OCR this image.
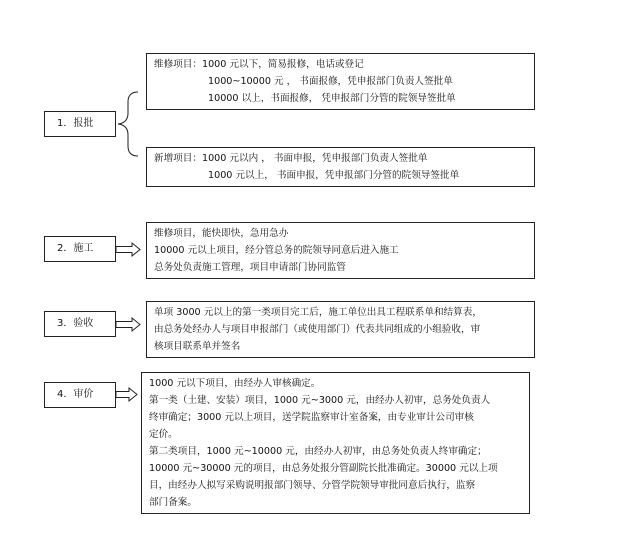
1．报批
2．施工
3．验收
4．审价
维修项目：1000 元以下，简易报修，电话或登记
1000~10000 元 ， 书面报修，凭申报部门负责人签批单
10000 以上，书面报修， 凭申报部门分管的院领导签批单
新增项目：1000 元以内 ， 书面申报，凭申报部门负责人签批单
1000 元以上， 书面申报，凭申报部门分管的院领导签批单
维修项目，能快即快，急用急办
10000 元以上项目，经分管总务的院领导同意后进入施工
总务处负责施工管理，项目申请部门协同监管
单项 3000 元以上的第一类项目完工后，施工单位出具工程联系单和结算表，
由总务处经办人与项目申报部门（或使用部门）代表共同组成的小组验收，审
核项目联系单并签名
1000 元以下项目，由经办人审核确定。
第一类（土建、安装）项目，1000 元~3000 元，由经办人初审，总务处负责人
终审确定；3000 元以上项目，送学院监察审计室备案，由专业审计公司审核
定价。
第二类项目，1000 元~10000 元，由经办人初审，由总务处负责人终审确定；
10000 元~30000 元的项目，由总务处报分管副院长批准确定。30000 元以上项
目，由经办人拟写采购说明报部门领导、分管学院领导审批同意后执行，监察
部门备案。
